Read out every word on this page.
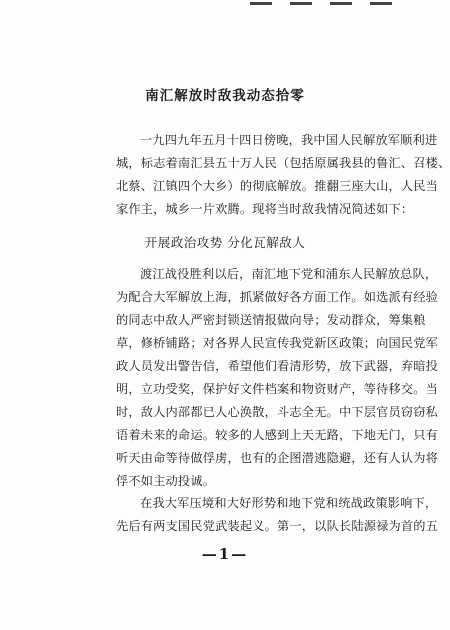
南汇解放时敌我动态拾零

一九四九年五月十四日傍晚，我中国人民解放军顺利进
城，标志着南汇县五十万人民（包括原属我县的鲁汇、召楼、
北蔡、江镇四个大乡）的彻底解放。推翻三座大山，人民当
家作主，城乡一片欢腾。现将当时敌我情况简述如下：

开展政治攻势 分化瓦解敌人

渡江战役胜利以后，南汇地下党和浦东人民解放总队，
为配合大军解放上海，抓紧做好各方面工作。如选派有经验
的同志中敌人严密封锁送情报做向导；发动群众，筹集粮
草，修桥铺路；对各界人民宣传我党新区政策；向国民党军
政人员发出警告信，希望他们看清形势，放下武器，弃暗投
明，立功受奖，保护好文件档案和物资财产，等待移交。当
时，敌人内部都已人心涣散，斗志全无。中下层官员窃窃私
语着未来的命运。较多的人感到上天无路，下地无门，只有
听天由命等待做俘虏，也有的企图潜逃隐避，还有人认为将
俘不如主动投诚。

在我大军压境和大好形势和地下党和统战政策影响下，
先后有两支国民党武装起义。第一，以队长陆源禄为首的五

—1—
